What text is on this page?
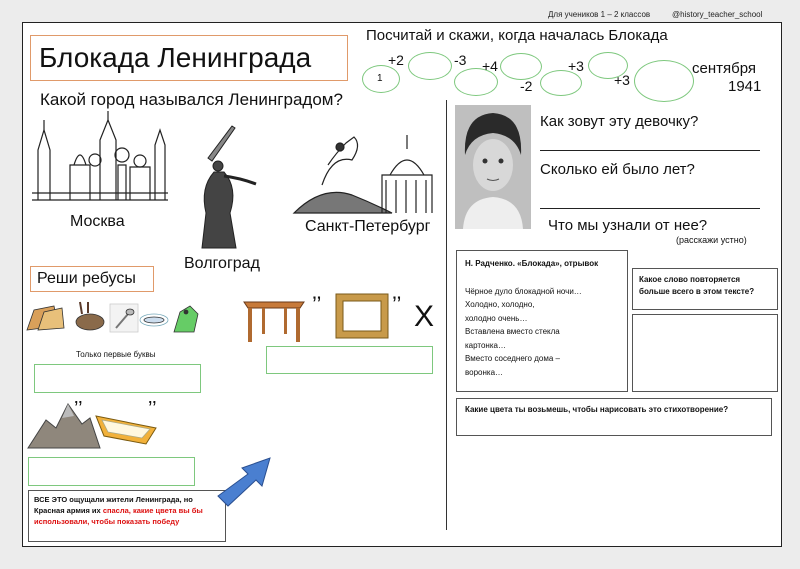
Для учеников 1 – 2 классов	@history_teacher_school
Блокада Ленинграда
Посчитай и скажи, когда началась Блокада
1
+2	-3 +4
-2
+3
+3
сентября
1941
Какой город назывался Ленинградом?
Москва
Волгоград
Санкт-Петербург
Как зовут эту девочку?
Сколько ей было лет?
Что мы узнали от нее?
(расскажи устно)
Реши ребусы
Только первые буквы
’’	’’ X
’’	’’
ВСЕ ЭТО ощущали жители Ленинграда, но Красная армия их спасла, какие цвета вы бы использовали, чтобы показать победу
Н. Радченко. «Блокада», отрывок
Чёрное дуло блокадной ночи…
Холодно, холодно,
холодно очень…
Вставлена вместо стекла
картонка…
Вместо соседнего дома –
воронка…
Какое слово повторяется больше всего в этом тексте?
Какие цвета ты возьмешь, чтобы нарисовать это стихотворение?
